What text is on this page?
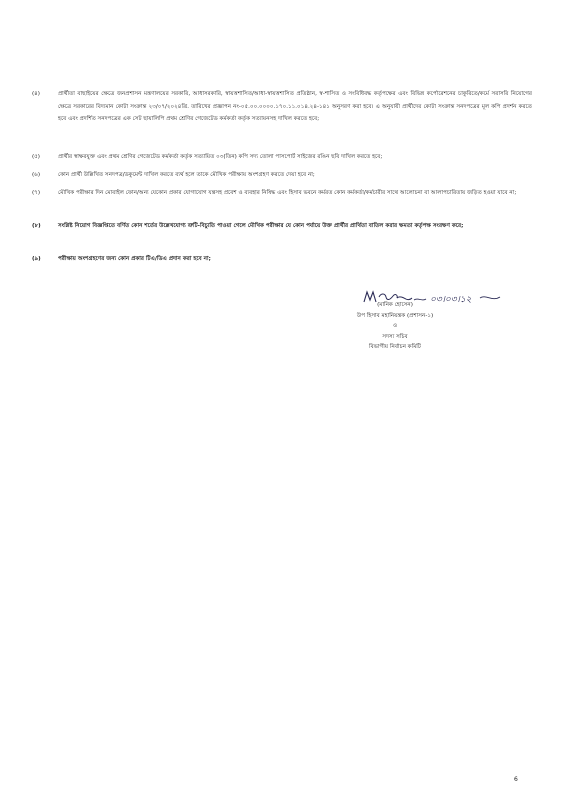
(৪)	প্রার্থীতা বাছাইয়ের ক্ষেত্রে জনপ্রশাসন মন্ত্রণালয়ের সরকারি, আধাসরকারি, স্বায়ত্তশাসিত/আধা-স্বায়ত্তশাসিত প্রতিষ্ঠান, স্ব-শাসিত ও সংবিধিবদ্ধ কর্তৃপক্ষের এবং বিভিন্ন কর্পোরেশনের চাকুরিতে/কর্মে সরাসরি নিয়োগের ক্ষেত্রে সরকারের বিদ্যমান কোটা সংক্রান্ত ২৩/০৭/২০২৪খ্রি. তারিখের প্রজ্ঞাপন নং-০৫.০০.০০০০.১৭০.১১.০১৪.২৪-১৪১ অনুসরণ করা হবে। এ অনুযায়ী প্রার্থীদের কোটা সংক্রান্ত সনদপত্রের মূল কপি প্রদর্শন করতে হবে এবং প্রদর্শিত সনদপত্রের এক সেট ছায়ালিপি প্রথম শ্রেণির গেজেটেড কর্মকর্তা কর্তৃক সত্যায়নসহ দাখিল করতে হবে;
(৫)	প্রার্থীর স্বাক্ষরযুক্ত এবং প্রথম শ্রেণির গেজেটেড কর্মকর্তা কর্তৃক সত্যায়িত ০৩(তিন) কপি সদ্য তোলা পাসপোর্ট সাইজের রঙিন ছবি দাখিল করতে হবে;
(৬)	কোন প্রার্থী উল্লিখিত সনদপত্র/ডকুমেন্ট দাখিল করতে ব্যর্থ হলে তাকে মৌখিক পরীক্ষায় অংশগ্রহণ করতে দেয়া হবে না;
(৭)	মৌখিক পরীক্ষার দিন মোবাইল ফোন/অন্য যেকোন প্রকার যোগাযোগ যন্ত্রসহ প্রবেশ ও ব্যবহার নিষিদ্ধ এবং হিসাব ভবনে কর্মরত কোন কর্মকর্তা/কর্মচারীর সাথে আলোচনা বা আলাপচারিতায় জড়িত হওয়া যাবে না;
(৮)	সংশ্লিষ্ট নিয়োগ বিজ্ঞপ্তিতে বর্ণিত কোন শর্তের উল্লেখযোগ্য ত্রুটি-বিচ্যুতি পাওয়া গেলে মৌখিক পরীক্ষার যে কোন পর্যায়ে উক্ত প্রার্থীর প্রার্থিতা বাতিল করার ক্ষমতা কর্তৃপক্ষ সংরক্ষণ করে;
(৯)	পরীক্ষায় অংশগ্রহণের জন্য কোন প্রকার টিএ/ডিএ প্রদান করা হবে না;
০৩।০৩।১২
(মানিক হোসেন)
উপ হিসাব মহানিয়ন্ত্রক (প্রশাসন-১)
ও
সদস্য সচিব
বিভাগীয় নির্বাচন কমিটি
6
